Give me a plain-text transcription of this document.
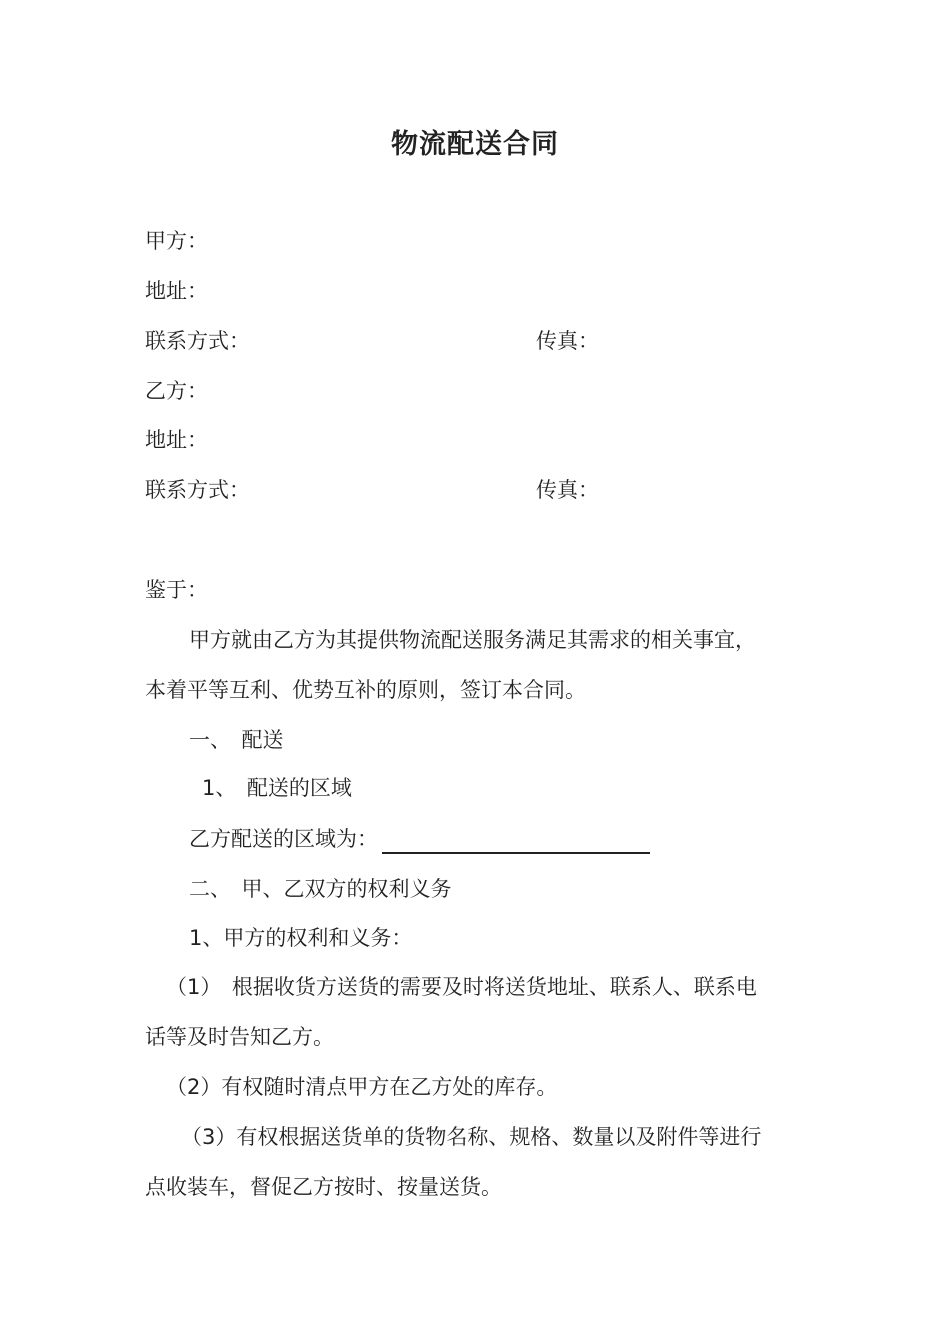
物流配送合同
甲方：
地址：
联系方式：	传真：
乙方：
地址：
联系方式：	传真：
鉴于：
甲方就由乙方为其提供物流配送服务满足其需求的相关事宜，
本着平等互利、优势互补的原则，签订本合同。
一、　配送
1、　配送的区域
乙方配送的区域为：
二、　甲、乙双方的权利义务
1、甲方的权利和义务：
（1）　根据收货方送货的需要及时将送货地址、联系人、联系电
话等及时告知乙方。
（2）有权随时清点甲方在乙方处的库存。
（3）有权根据送货单的货物名称、规格、数量以及附件等进行
点收装车，督促乙方按时、按量送货。
